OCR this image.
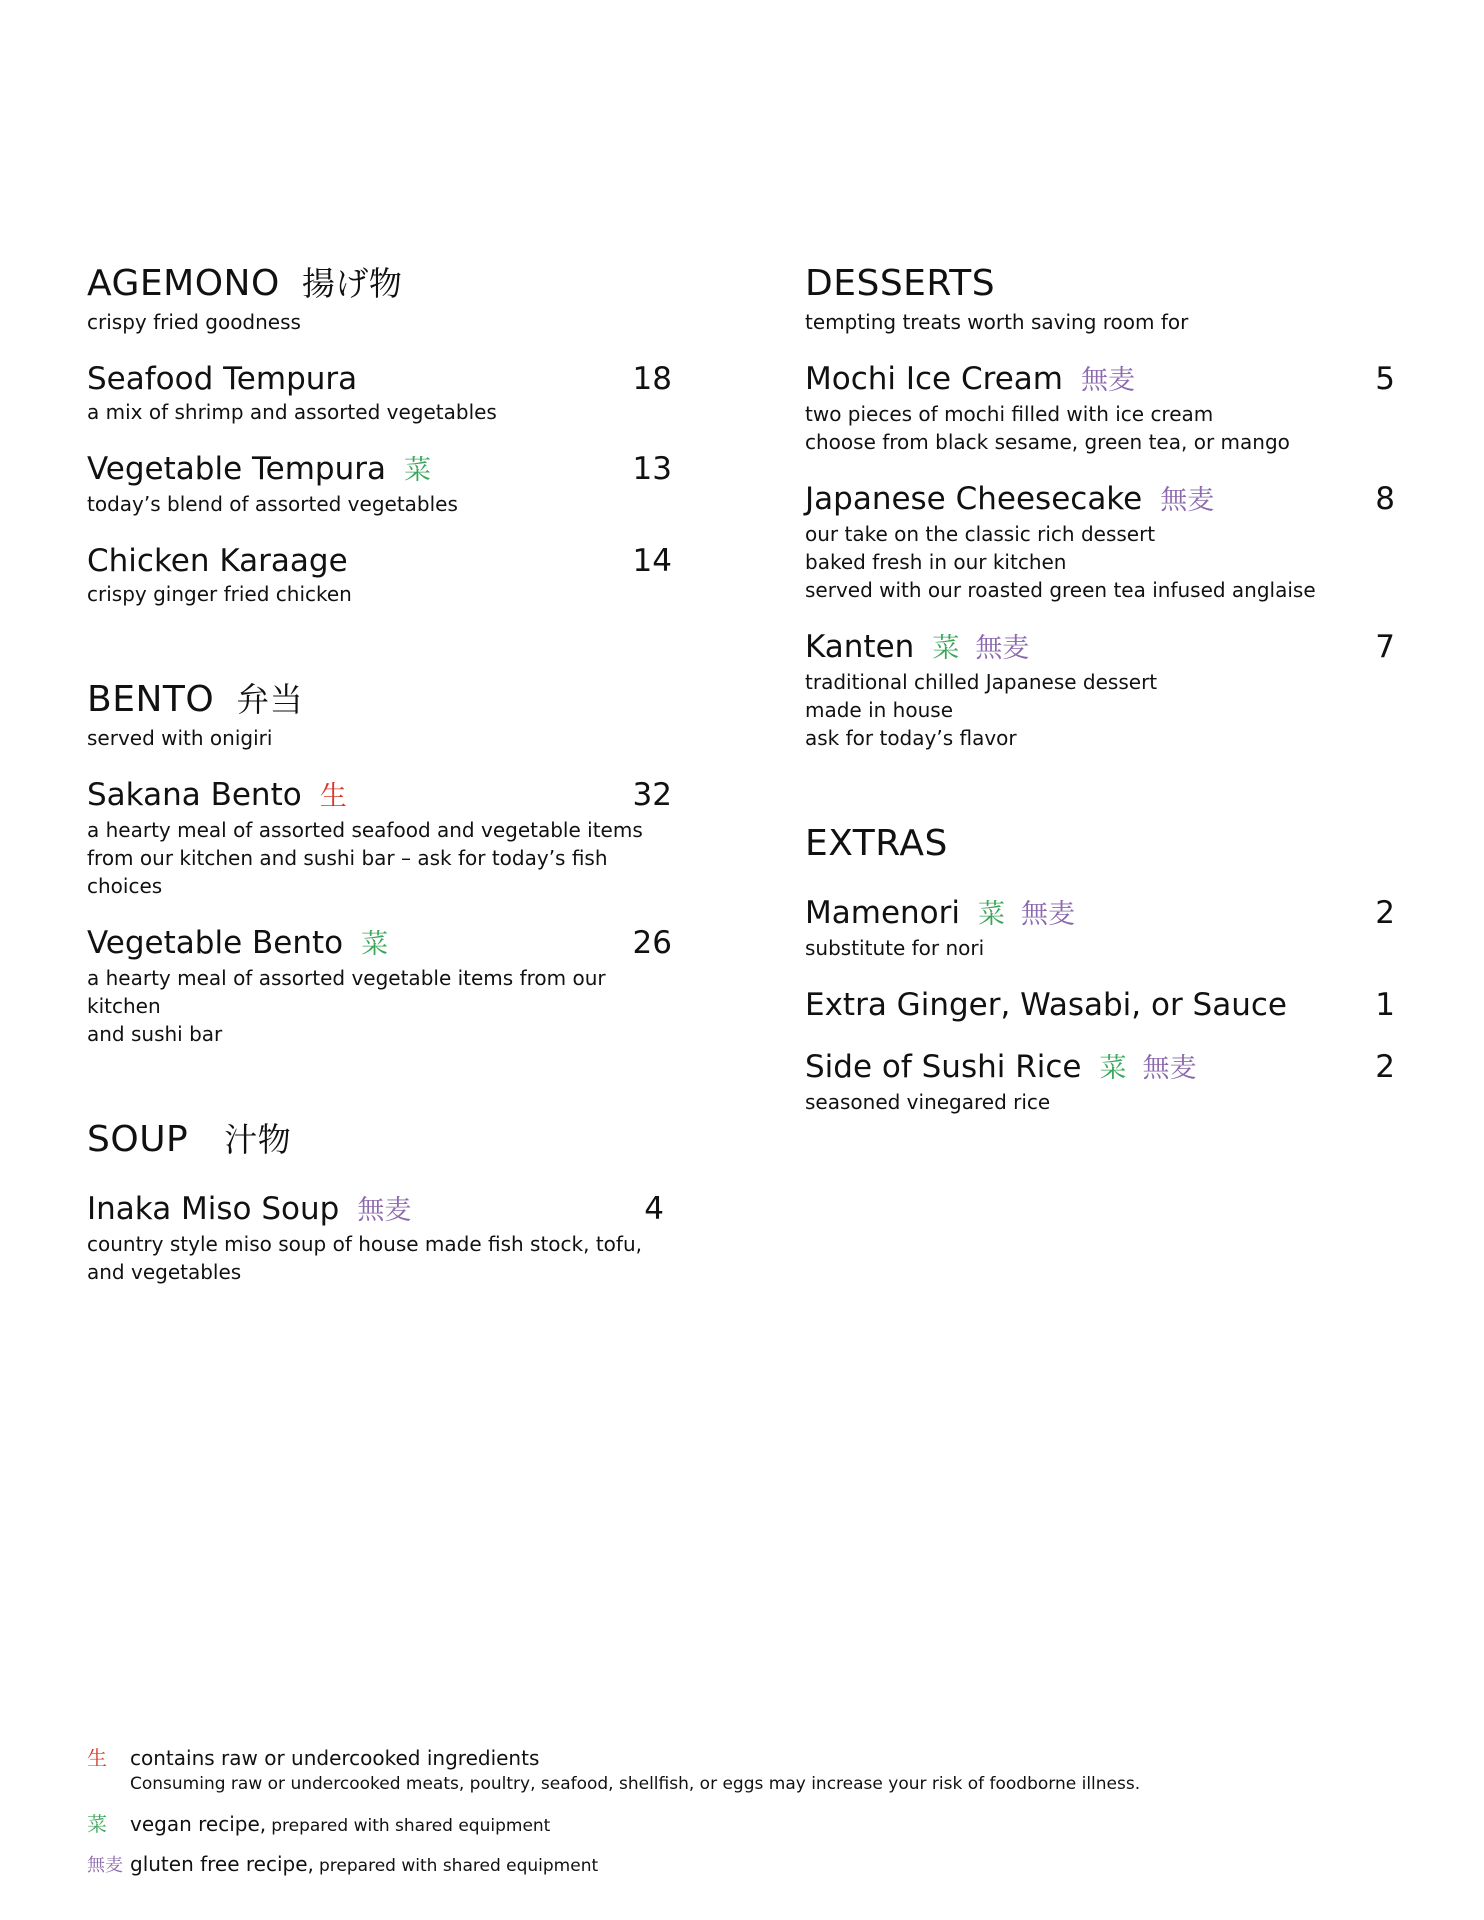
AGEMONO 揚げ物
crispy fried goodness
Seafood Tempura	18
a mix of shrimp and assorted vegetables
Vegetable Tempura 菜	13
today’s blend of assorted vegetables
Chicken Karaage	14
crispy ginger fried chicken
BENTO 弁当
served with onigiri
Sakana Bento 生	32
a hearty meal of assorted seafood and vegetable items
from our kitchen and sushi bar – ask for today’s fish choices
Vegetable Bento 菜	26
a hearty meal of assorted vegetable items from our kitchen
and sushi bar
SOUP 汁物
Inaka Miso Soup 無麦	4
country style miso soup of house made fish stock, tofu,
and vegetables
DESSERTS
tempting treats worth saving room for
Mochi Ice Cream 無麦	5
two pieces of mochi filled with ice cream
choose from black sesame, green tea, or mango
Japanese Cheesecake 無麦	8
our take on the classic rich dessert
baked fresh in our kitchen
served with our roasted green tea infused anglaise
Kanten 菜 無麦	7
traditional chilled Japanese dessert
made in house
ask for today’s flavor
EXTRAS
Mamenori 菜 無麦	2
substitute for nori
Extra Ginger, Wasabi, or Sauce	1
Side of Sushi Rice 菜 無麦	2
seasoned vinegared rice
生	contains raw or undercooked ingredients
Consuming raw or undercooked meats, poultry, seafood, shellfish, or eggs may increase your risk of foodborne illness.
菜	vegan recipe, prepared with shared equipment
無麦 gluten free recipe, prepared with shared equipment
